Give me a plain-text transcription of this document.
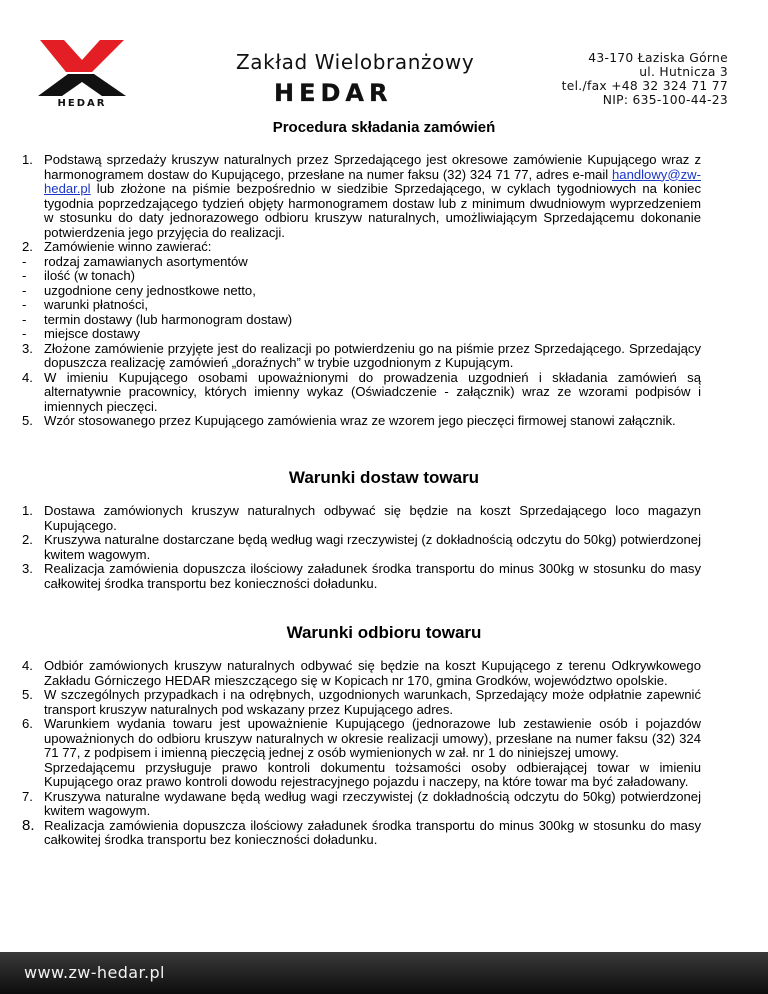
HEDAR
Zakład Wielobranżowy
HEDAR
43-170 Łaziska Górne
ul. Hutnicza 3
tel./fax +48 32 324 71 77
NIP: 635-100-44-23
Procedura składania zamówień
1. Podstawą sprzedaży kruszyw naturalnych przez Sprzedającego jest okresowe zamówienie Kupującego wraz z harmonogramem dostaw do Kupującego, przesłane na numer faksu (32) 324 71 77, adres e-mail handlowy@zw-hedar.pl lub złożone na piśmie bezpośrednio w siedzibie Sprzedającego, w cyklach tygodniowych na koniec tygodnia poprzedzającego tydzień objęty harmonogramem dostaw lub z minimum dwudniowym wyprzedzeniem w stosunku do daty jednorazowego odbioru kruszyw naturalnych, umożliwiającym Sprzedającemu dokonanie potwierdzenia jego przyjęcia do realizacji.
2. Zamówienie winno zawierać:
-	rodzaj zamawianych asortymentów
-	ilość (w tonach)
-	uzgodnione ceny jednostkowe netto,
-	warunki płatności,
-	termin dostawy (lub harmonogram dostaw)
-	miejsce dostawy
3. Złożone zamówienie przyjęte jest do realizacji po potwierdzeniu go na piśmie przez Sprzedającego. Sprzedający dopuszcza realizację zamówień „doraźnych” w trybie uzgodnionym z Kupującym.
4. W imieniu Kupującego osobami upoważnionymi do prowadzenia uzgodnień i składania zamówień są alternatywnie pracownicy, których imienny wykaz (Oświadczenie - załącznik) wraz ze wzorami podpisów i imiennych pieczęci.
5. Wzór stosowanego przez Kupującego zamówienia wraz ze wzorem jego pieczęci firmowej stanowi załącznik.
Warunki dostaw towaru
1. Dostawa zamówionych kruszyw naturalnych odbywać się będzie na koszt Sprzedającego loco magazyn Kupującego.
2. Kruszywa naturalne dostarczane będą według wagi rzeczywistej (z dokładnością odczytu do 50kg) potwierdzonej kwitem wagowym.
3. Realizacja zamówienia dopuszcza ilościowy załadunek środka transportu do minus 300kg w stosunku do masy całkowitej środka transportu bez konieczności doładunku.
Warunki odbioru towaru
4. Odbiór zamówionych kruszyw naturalnych odbywać się będzie na koszt Kupującego z terenu Odkrywkowego Zakładu Górniczego HEDAR mieszczącego się w Kopicach nr 170, gmina Grodków, województwo opolskie.
5. W szczególnych przypadkach i na odrębnych, uzgodnionych warunkach, Sprzedający może odpłatnie zapewnić transport kruszyw naturalnych pod wskazany przez Kupującego adres.
6. Warunkiem wydania towaru jest upoważnienie Kupującego (jednorazowe lub zestawienie osób i pojazdów upoważnionych do odbioru kruszyw naturalnych w okresie realizacji umowy), przesłane na numer faksu (32) 324 71 77, z podpisem i imienną pieczęcią jednej z osób wymienionych w zał. nr 1 do niniejszej umowy.
Sprzedającemu przysługuje prawo kontroli dokumentu tożsamości osoby odbierającej towar w imieniu Kupującego oraz prawo kontroli dowodu rejestracyjnego pojazdu i naczepy, na które towar ma być załadowany.
7. Kruszywa naturalne wydawane będą według wagi rzeczywistej (z dokładnością odczytu do 50kg) potwierdzonej kwitem wagowym.
8. Realizacja zamówienia dopuszcza ilościowy załadunek środka transportu do minus 300kg w stosunku do masy całkowitej środka transportu bez konieczności doładunku.
www.zw-hedar.pl
